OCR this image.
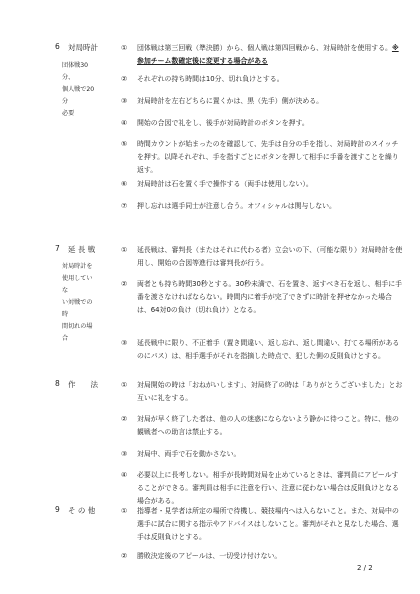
6 対局時計
団体戦30分、
個人戦で20分
必要
① 団体戦は第三回戦（準決勝）から、個人戦は第四回戦から、対局時計を使用する。※参加チーム数確定後に変更する場合がある
② それぞれの持ち時間は10分、切れ負けとする。
③ 対局時計を左右どちらに置くかは、黒（先手）側が決める。
④ 開始の合図で礼をし、後手が対局時計のボタンを押す。
⑤ 時間カウントが始まったのを確認して、先手は自分の手を指し、対局時計のスイッチを押す。以降それぞれ、手を指すごとにボタンを押して相手に手番を渡すことを繰り返す。
⑥ 対局時計は石を置く手で操作する（両手は使用しない）。
⑦ 押し忘れは選手同士が注意し合う。オフィシャルは関与しない。
7 延 長 戦
対局時計を
使用していな
い対戦での時
間切れの場合
① 延長戦は、審判長（またはそれに代わる者）立会いの下、（可能な限り）対局時計を使用し、開始の合図等進行は審判長が行う。
② 両者とも持ち時間30秒とする。30秒未満で、石を置き、返すべき石を返し、相手に手番を渡さなければならない。時間内に着手が完了できずに時計を押せなかった場合は、64対0の負け（切れ負け）となる。
③ 延長戦中に限り、不正着手（置き間違い、返し忘れ、返し間違い、打てる場所があるのにパス）は、相手選手がそれを指摘した時点で、犯した側の反則負けとする。
8 作　　法	① 対局開始の時は「おねがいします」、対局終了の時は「ありがとうございました」とお互いに礼をする。
② 対局が早く終了した者は、他の人の迷惑にならないよう静かに待つこと。特に、他の観戦者への助言は禁止する。
③ 対局中、両手で石を動かさない。
④ 必要以上に長考しない。相手が長時間対局を止めているときは、審判員にアピールすることができる。審判員は相手に注意を行い、注意に従わない場合は反則負けとなる場合がある。
9 そ の 他	① 指導者・見学者は所定の場所で待機し、競技場内へは入らないこと。また、対局中の選手に試合に関する指示やアドバイスはしないこと。審判がそれと見なした場合、選手は反則負けとする。
② 勝敗決定後のアピールは、一切受け付けない。
2 / 2
